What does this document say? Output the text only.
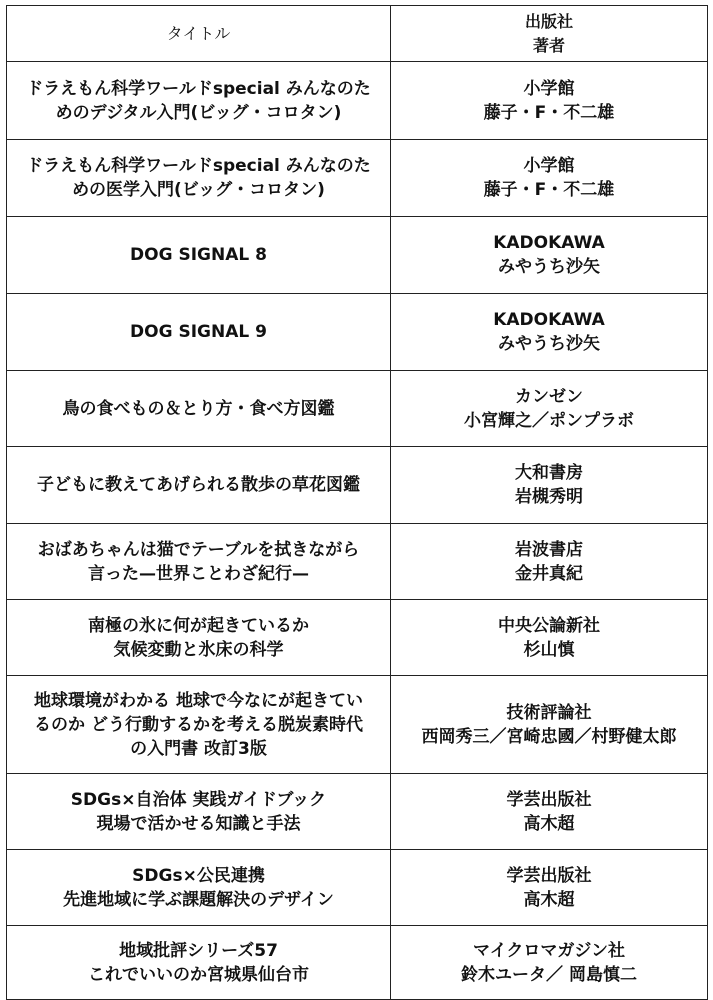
タイトル	出版社
著者

ドラえもん科学ワールドspecial みんなのた
めのデジタル入門(ビッグ・コロタン)	小学館
藤子・F・不二雄

ドラえもん科学ワールドspecial みんなのた
めの医学入門(ビッグ・コロタン)	小学館
藤子・F・不二雄

DOG SIGNAL 8	KADOKAWA
みやうち沙矢

DOG SIGNAL 9	KADOKAWA
みやうち沙矢

鳥の食べもの＆とり方・食べ方図鑑	カンゼン
小宮輝之／ポンプラボ

子どもに教えてあげられる散歩の草花図鑑	大和書房
岩槻秀明

おばあちゃんは猫でテーブルを拭きながら
言った—世界ことわざ紀行—	岩波書店
金井真紀

南極の氷に何が起きているか
気候変動と氷床の科学	中央公論新社
杉山慎

地球環境がわかる 地球で今なにが起きてい
るのか どう行動するかを考える脱炭素時代
の入門書 改訂3版	技術評論社
西岡秀三／宮崎忠國／村野健太郎

SDGs×自治体 実践ガイドブック
現場で活かせる知識と手法	学芸出版社
高木超

SDGs×公民連携
先進地域に学ぶ課題解決のデザイン	学芸出版社
高木超

地域批評シリーズ57
これでいいのか宮城県仙台市	マイクロマガジン社
鈴木ユータ／ 岡島慎二
